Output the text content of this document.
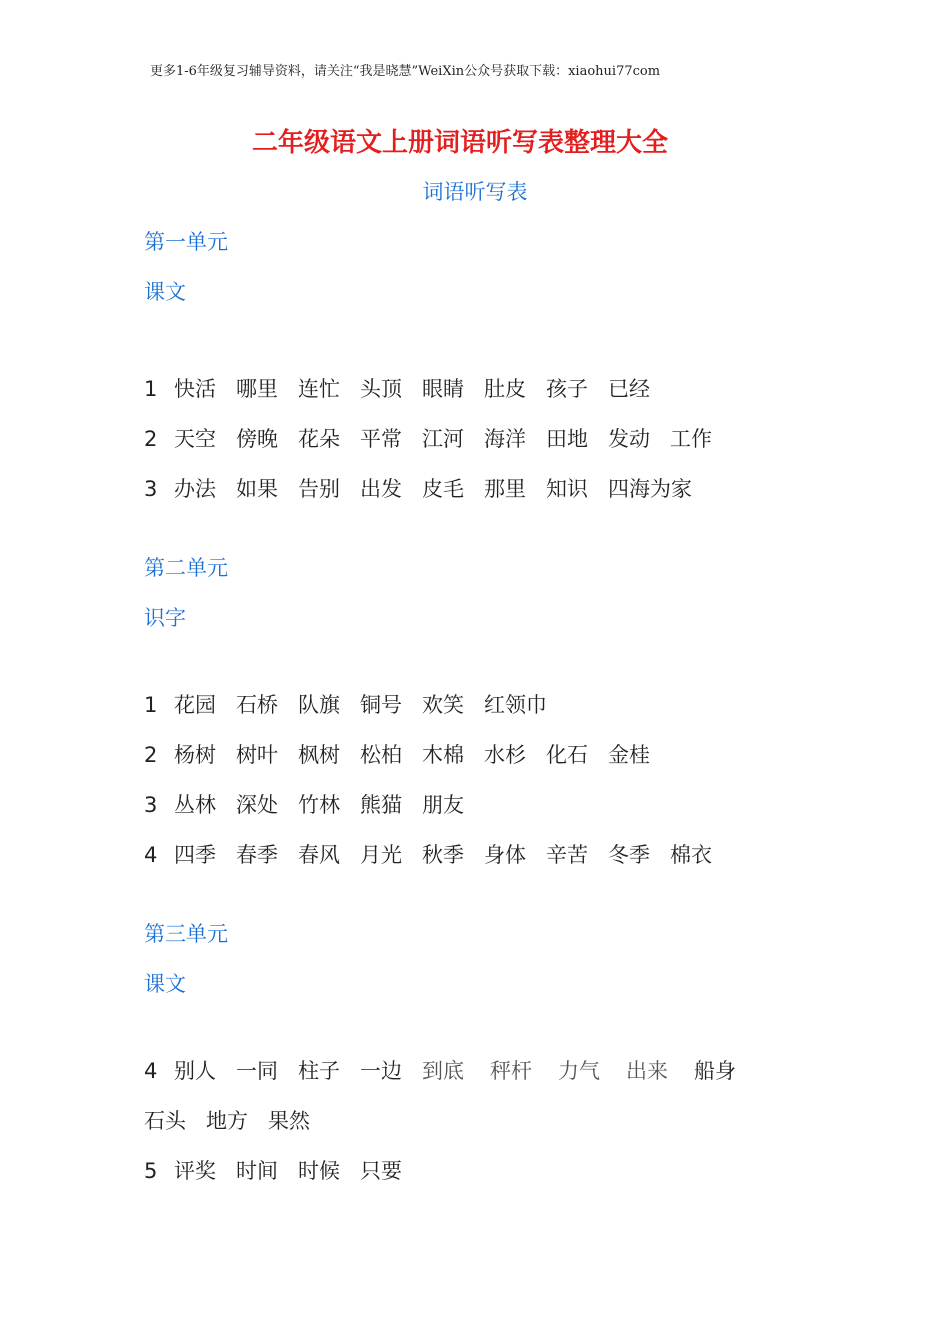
更多1-6年级复习辅导资料，请关注“我是晓慧”WeiXin公众号获取下载：xiaohui77com
二年级语文上册词语听写表整理大全
词语听写表
第一单元
课文
1 快活 哪里 连忙 头顶 眼睛 肚皮 孩子 已经
2 天空 傍晚 花朵 平常 江河 海洋 田地 发动 工作
3 办法 如果 告别 出发 皮毛 那里 知识 四海为家
第二单元
识字
1 花园 石桥 队旗 铜号 欢笑 红领巾
2 杨树 树叶 枫树 松柏 木棉 水杉 化石 金桂
3 丛林 深处 竹林 熊猫 朋友
4 四季 春季 春风 月光 秋季 身体 辛苦 冬季 棉衣
第三单元
课文
4 别人 一同 柱子 一边 到底 秤杆 力气 出来 船身
石头 地方 果然
5 评奖 时间 时候 只要
